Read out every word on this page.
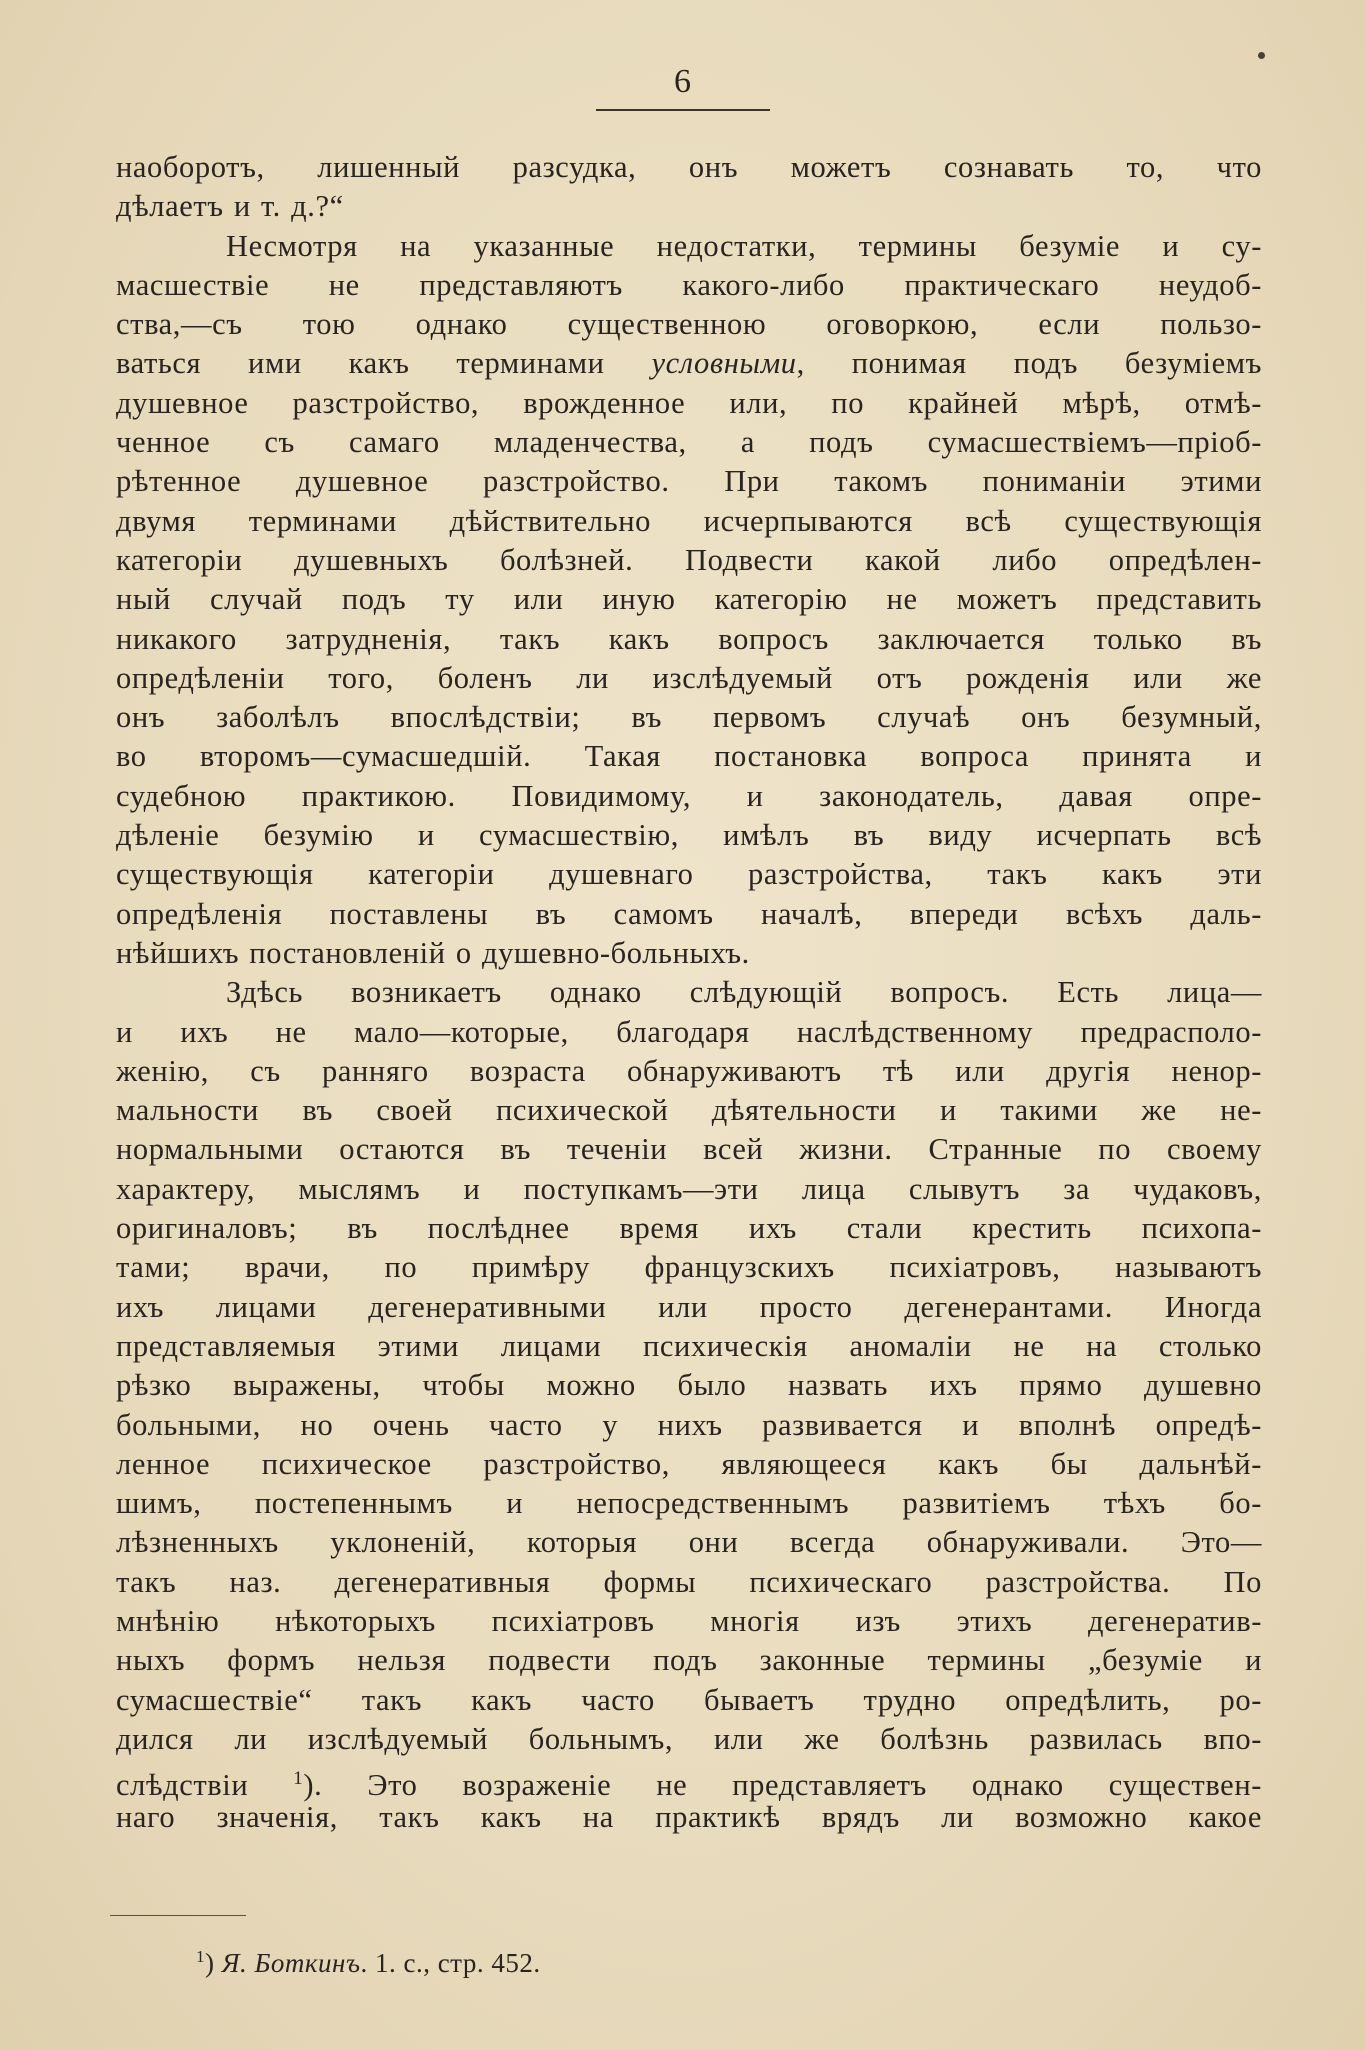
6
наоборотъ, лишенный разсудка, онъ можетъ сознавать то, что
дѣлаетъ и т. д.?“
Несмотря на указанные недостатки, термины безуміе и су-
масшествіе не представляютъ какого-либо практическаго неудоб-
ства,—съ тою однако существенною оговоркою, если пользо-
ваться ими какъ терминами условными, понимая подъ безуміемъ
душевное разстройство, врожденное или, по крайней мѣрѣ, отмѣ-
ченное съ самаго младенчества, а подъ сумасшествіемъ—пріоб-
рѣтенное душевное разстройство. При такомъ пониманіи этими
двумя терминами дѣйствительно исчерпываются всѣ существующія
категоріи душевныхъ болѣзней. Подвести какой либо опредѣлен-
ный случай подъ ту или иную категорію не можетъ представить
никакого затрудненія, такъ какъ вопросъ заключается только въ
опредѣленіи того, боленъ ли изслѣдуемый отъ рожденія или же
онъ заболѣлъ впослѣдствіи; въ первомъ случаѣ онъ безумный,
во второмъ—сумасшедшій. Такая постановка вопроса принята и
судебною практикою. Повидимому, и законодатель, давая опре-
дѣленіе безумію и сумасшествію, имѣлъ въ виду исчерпать всѣ
существующія категоріи душевнаго разстройства, такъ какъ эти
опредѣленія поставлены въ самомъ началѣ, впереди всѣхъ даль-
нѣйшихъ постановленій о душевно-больныхъ.
Здѣсь возникаетъ однако слѣдующій вопросъ. Есть лица—
и ихъ не мало—которые, благодаря наслѣдственному предрасполо-
женію, съ ранняго возраста обнаруживаютъ тѣ или другія ненор-
мальности въ своей психической дѣятельности и такими же не-
нормальными остаются въ теченіи всей жизни. Странные по своему
характеру, мыслямъ и поступкамъ—эти лица слывутъ за чудаковъ,
оригиналовъ; въ послѣднее время ихъ стали крестить психопа-
тами; врачи, по примѣру французскихъ психіатровъ, называютъ
ихъ лицами дегенеративными или просто дегенерантами. Иногда
представляемыя этими лицами психическія аномаліи не на столько
рѣзко выражены, чтобы можно было назвать ихъ прямо душевно
больными, но очень часто у нихъ развивается и вполнѣ опредѣ-
ленное психическое разстройство, являющееся какъ бы дальнѣй-
шимъ, постепеннымъ и непосредственнымъ развитіемъ тѣхъ бо-
лѣзненныхъ уклоненій, которыя они всегда обнаруживали. Это—
такъ наз. дегенеративныя формы психическаго разстройства. По
мнѣнію нѣкоторыхъ психіатровъ многія изъ этихъ дегенератив-
ныхъ формъ нельзя подвести подъ законные термины „безуміе и
сумасшествіе“ такъ какъ часто бываетъ трудно опредѣлить, ро-
дился ли изслѣдуемый больнымъ, или же болѣзнь развилась впо-
слѣдствіи $^1$). Это возраженіе не представляетъ однако существен-
наго значенія, такъ какъ на практикѣ врядъ ли возможно какое
$^1$) Я. Боткинъ. 1. с., стр. 452.
